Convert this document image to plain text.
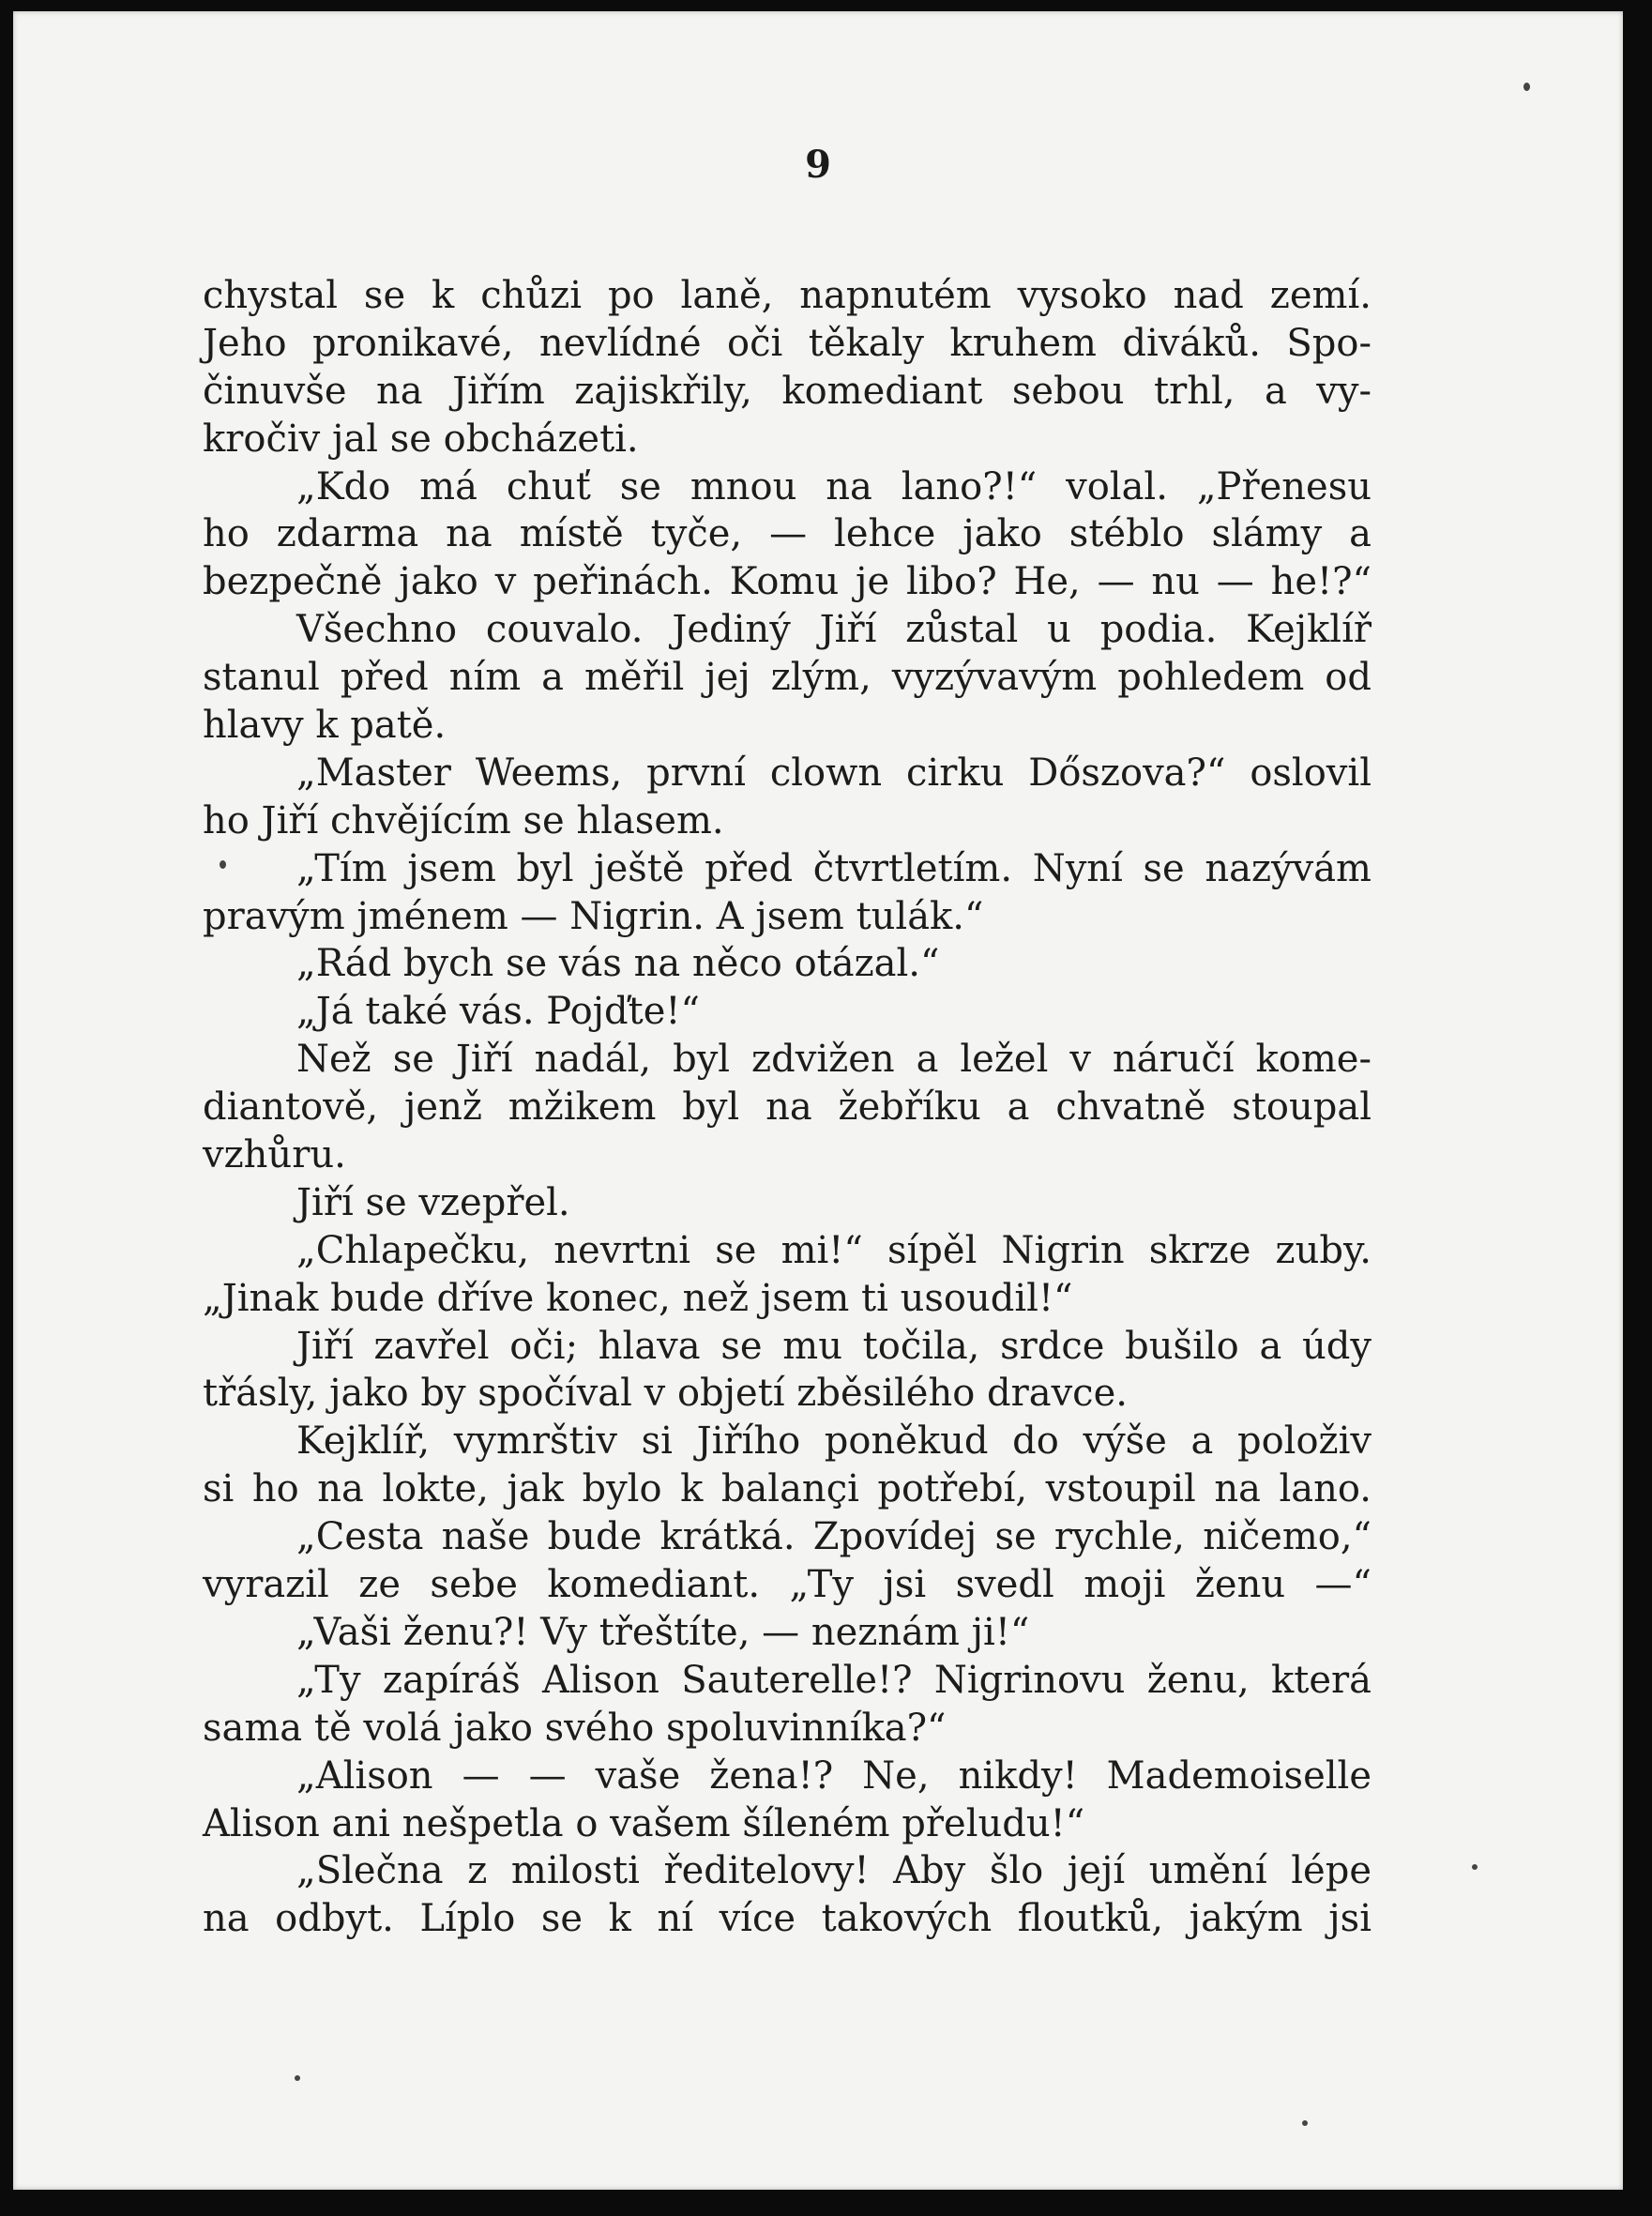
9
chystal se k chůzi po laně, napnutém vysoko nad zemí.
Jeho pronikavé, nevlídné oči těkaly kruhem diváků. Spo-
činuvše na Jiřím zajiskřily, komediant sebou trhl, a vy-
kročiv jal se obcházeti.
„Kdo má chuť se mnou na lano?!“ volal. „Přenesu
ho zdarma na místě tyče, — lehce jako stéblo slámy a
bezpečně jako v peřinách. Komu je libo? He, — nu — he!?“
Všechno couvalo. Jediný Jiří zůstal u podia. Kejklíř
stanul před ním a měřil jej zlým, vyzývavým pohledem od
hlavy k patě.
„Master Weems, první clown cirku Dőszova?“ oslovil
ho Jiří chvějícím se hlasem.
„Tím jsem byl ještě před čtvrtletím. Nyní se nazývám
pravým jménem — Nigrin. A jsem tulák.“
„Rád bych se vás na něco otázal.“
„Já také vás. Pojďte!“
Než se Jiří nadál, byl zdvižen a ležel v náručí kome-
diantově, jenž mžikem byl na žebříku a chvatně stoupal
vzhůru.
Jiří se vzepřel.
„Chlapečku, nevrtni se mi!“ sípěl Nigrin skrze zuby.
„Jinak bude dříve konec, než jsem ti usoudil!“
Jiří zavřel oči; hlava se mu točila, srdce bušilo a údy
třásly, jako by spočíval v objetí zběsilého dravce.
Kejklíř, vymrštiv si Jiřího poněkud do výše a položiv
si ho na lokte, jak bylo k balançi potřebí, vstoupil na lano.
„Cesta naše bude krátká. Zpovídej se rychle, ničemo,“
vyrazil ze sebe komediant. „Ty jsi svedl moji ženu —“
„Vaši ženu?! Vy třeštíte, — neznám ji!“
„Ty zapíráš Alison Sauterelle!? Nigrinovu ženu, která
sama tě volá jako svého spoluvinníka?“
„Alison — — vaše žena!? Ne, nikdy! Mademoiselle
Alison ani nešpetla o vašem šíleném přeludu!“
„Slečna z milosti ředitelovy! Aby šlo její umění lépe
na odbyt. Líplo se k ní více takových floutků, jakým jsi
